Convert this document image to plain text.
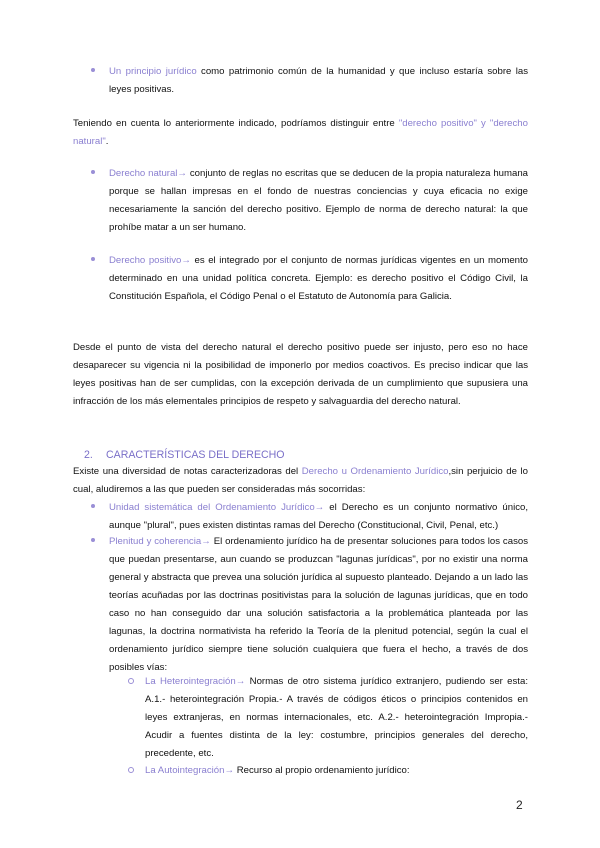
Un principio jurídico como patrimonio común de la humanidad y que incluso estaría sobre las leyes positivas.

Teniendo en cuenta lo anteriormente indicado, podríamos distinguir entre "derecho positivo" y "derecho natural".

Derecho natural→ conjunto de reglas no escritas que se deducen de la propia naturaleza humana porque se hallan impresas en el fondo de nuestras conciencias y cuya eficacia no exige necesariamente la sanción del derecho positivo. Ejemplo de norma de derecho natural: la que prohíbe matar a un ser humano.

Derecho positivo→ es el integrado por el conjunto de normas jurídicas vigentes en un momento determinado en una unidad política concreta. Ejemplo: es derecho positivo el Código Civil, la Constitución Española, el Código Penal o el Estatuto de Autonomía para Galicia.

Desde el punto de vista del derecho natural el derecho positivo puede ser injusto, pero eso no hace desaparecer su vigencia ni la posibilidad de imponerlo por medios coactivos. Es preciso indicar que las leyes positivas han de ser cumplidas, con la excepción derivada de un cumplimiento que supusiera una infracción de los más elementales principios de respeto y salvaguardia del derecho natural.

2. CARACTERÍSTICAS DEL DERECHO

Existe una diversidad de notas caracterizadoras del Derecho u Ordenamiento Jurídico,sin perjuicio de lo cual, aludiremos a las que pueden ser consideradas más socorridas:

Unidad sistemática del Ordenamiento Jurídico→ el Derecho es un conjunto normativo único, aunque "plural", pues existen distintas ramas del Derecho (Constitucional, Civil, Penal, etc.)

Plenitud y coherencia→ El ordenamiento jurídico ha de presentar soluciones para todos los casos que puedan presentarse, aun cuando se produzcan "lagunas jurídicas", por no existir una norma general y abstracta que prevea una solución jurídica al supuesto planteado. Dejando a un lado las teorías acuñadas por las doctrinas positivistas para la solución de lagunas jurídicas, que en todo caso no han conseguido dar una solución satisfactoria a la problemática planteada por las lagunas, la doctrina normativista ha referido la Teoría de la plenitud potencial, según la cual el ordenamiento jurídico siempre tiene solución cualquiera que fuera el hecho, a través de dos posibles vías:

La Heterointegración→ Normas de otro sistema jurídico extranjero, pudiendo ser esta: A.1.- heterointegración Propia.- A través de códigos éticos o principios contenidos en leyes extranjeras, en normas internacionales, etc. A.2.- heterointegración Impropia.- Acudir a fuentes distinta de la ley: costumbre, principios generales del derecho, precedente, etc.

La Autointegración→ Recurso al propio ordenamiento jurídico:

2
